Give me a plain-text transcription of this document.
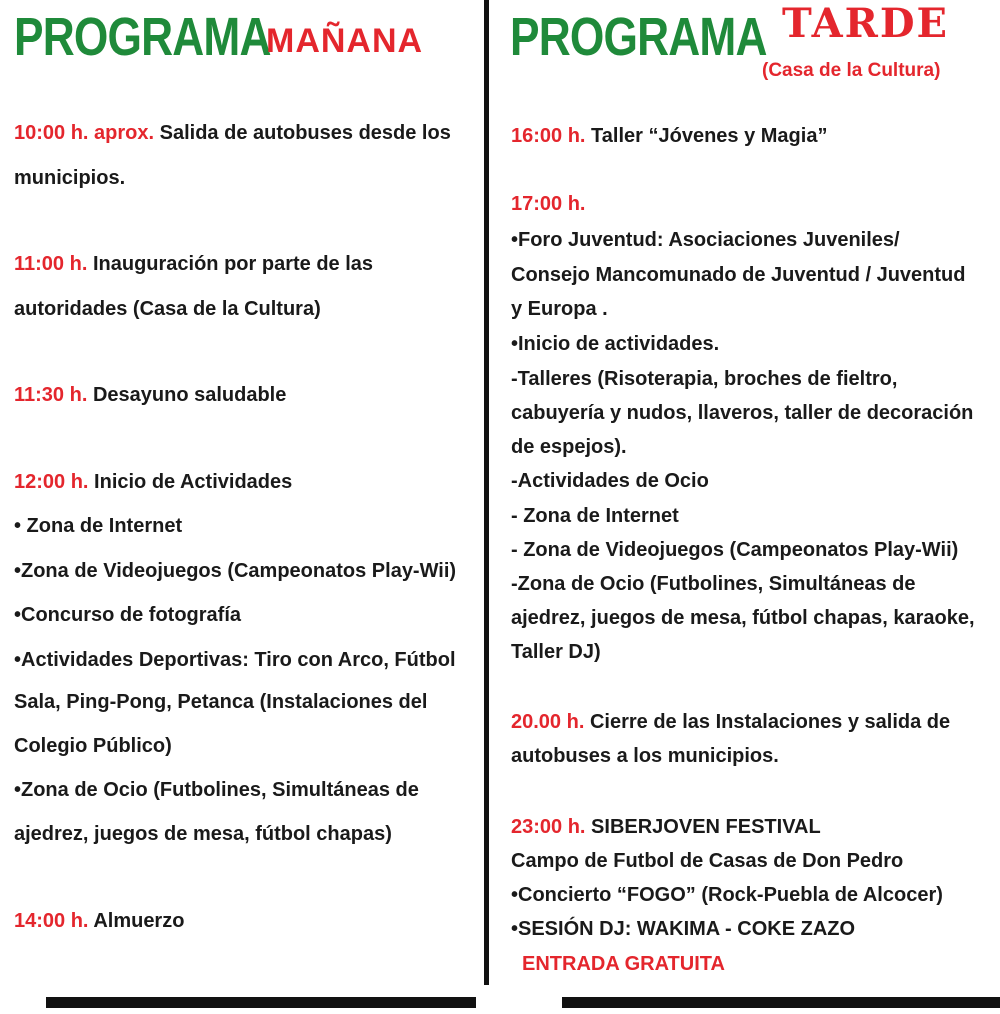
PROGRAMA
MAÑANA
10:00 h. aprox. Salida de autobuses desde los
municipios.
11:00 h. Inauguración por parte de las
autoridades (Casa de la Cultura)
11:30 h. Desayuno saludable
12:00 h. Inicio de Actividades
• Zona de Internet
•Zona de Videojuegos (Campeonatos Play-Wii)
•Concurso de fotografía
•Actividades Deportivas: Tiro con Arco, Fútbol
Sala, Ping-Pong, Petanca (Instalaciones del
Colegio Público)
•Zona de Ocio (Futbolines, Simultáneas de
ajedrez, juegos de mesa, fútbol chapas)
14:00 h. Almuerzo
PROGRAMA TARDE
(Casa de la Cultura)
16:00 h. Taller “Jóvenes y Magia”
17:00 h.
•Foro Juventud: Asociaciones Juveniles/
Consejo Mancomunado de Juventud / Juventud
y Europa .
•Inicio de actividades.
-Talleres (Risoterapia, broches de fieltro,
cabuyería y nudos, llaveros, taller de decoración
de espejos).
-Actividades de Ocio
- Zona de Internet
- Zona de Videojuegos (Campeonatos Play-Wii)
-Zona de Ocio (Futbolines, Simultáneas de
ajedrez, juegos de mesa, fútbol chapas, karaoke,
Taller DJ)
20.00 h. Cierre de las Instalaciones y salida de
autobuses a los municipios.
23:00 h. SIBERJOVEN FESTIVAL
Campo de Futbol de Casas de Don Pedro
•Concierto “FOGO” (Rock-Puebla de Alcocer)
•SESIÓN DJ: WAKIMA - COKE ZAZO
ENTRADA GRATUITA
